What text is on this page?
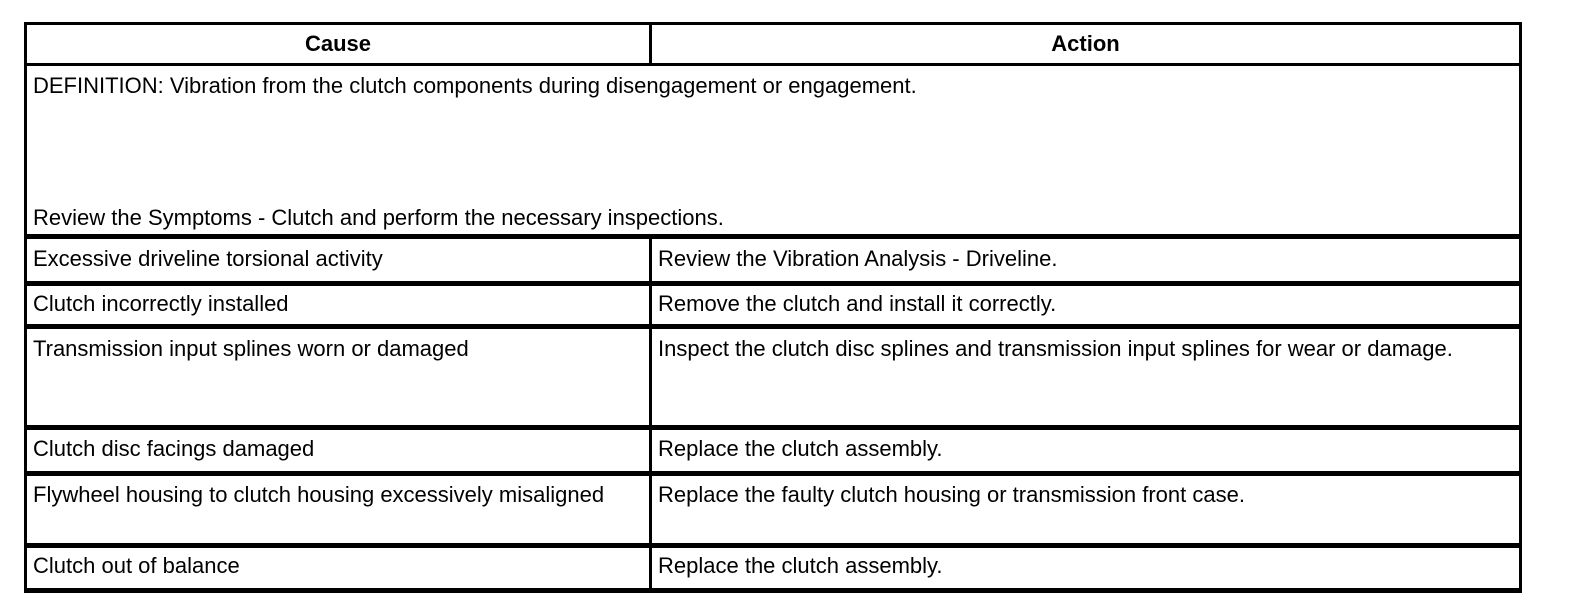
Cause	Action

DEFINITION: Vibration from the clutch components during disengagement or engagement.
Review the Symptoms - Clutch and perform the necessary inspections.	

Excessive driveline torsional activity	Review the Vibration Analysis - Driveline.
Clutch incorrectly installed	Remove the clutch and install it correctly.
Transmission input splines worn or damaged	Inspect the clutch disc splines and transmission input splines for wear or damage.
Clutch disc facings damaged	Replace the clutch assembly.
Flywheel housing to clutch housing excessively misaligned	Replace the faulty clutch housing or transmission front case.
Clutch out of balance	Replace the clutch assembly.
